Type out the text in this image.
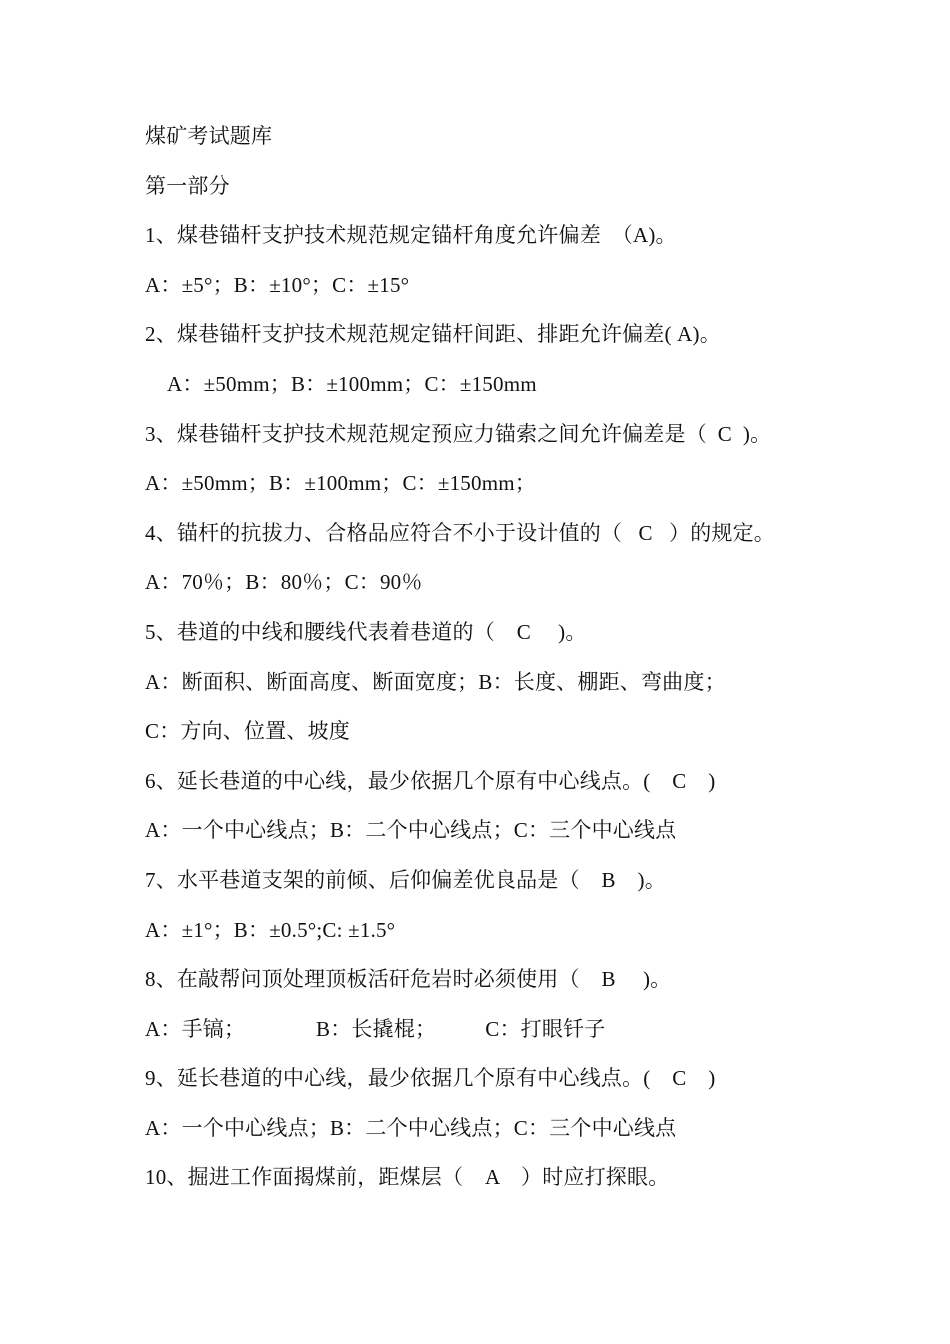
煤矿考试题库
第一部分
1、煤巷锚杆支护技术规范规定锚杆角度允许偏差  （A)。
A：±5°；B：±10°；C：±15°
2、煤巷锚杆支护技术规范规定锚杆间距、排距允许偏差( A)。
A：±50mm；B：±100mm；C：±150mm
3、煤巷锚杆支护技术规范规定预应力锚索之间允许偏差是（  C  )。
A：±50mm；B：±100mm；C：±150mm；
4、锚杆的抗拔力、合格品应符合不小于设计值的（   C   ）的规定。
A：70％；B：80％；C：90％
5、巷道的中线和腰线代表着巷道的（    C     )。
A：断面积、断面高度、断面宽度；B：长度、棚距、弯曲度；
C：方向、位置、坡度
6、延长巷道的中心线，最少依据几个原有中心线点。(    C    )
A：一个中心线点；B：二个中心线点；C：三个中心线点
7、水平巷道支架的前倾、后仰偏差优良品是（    B    )。
A：±1°；B：±0.5°;C: ±1.5°
8、在敲帮问顶处理顶板活矸危岩时必须使用（    B     )。
A：手镐；             B：长撬棍；         C：打眼钎子
9、延长巷道的中心线，最少依据几个原有中心线点。(    C    )
A：一个中心线点；B：二个中心线点；C：三个中心线点
10、掘进工作面揭煤前，距煤层（    A    ）时应打探眼。
